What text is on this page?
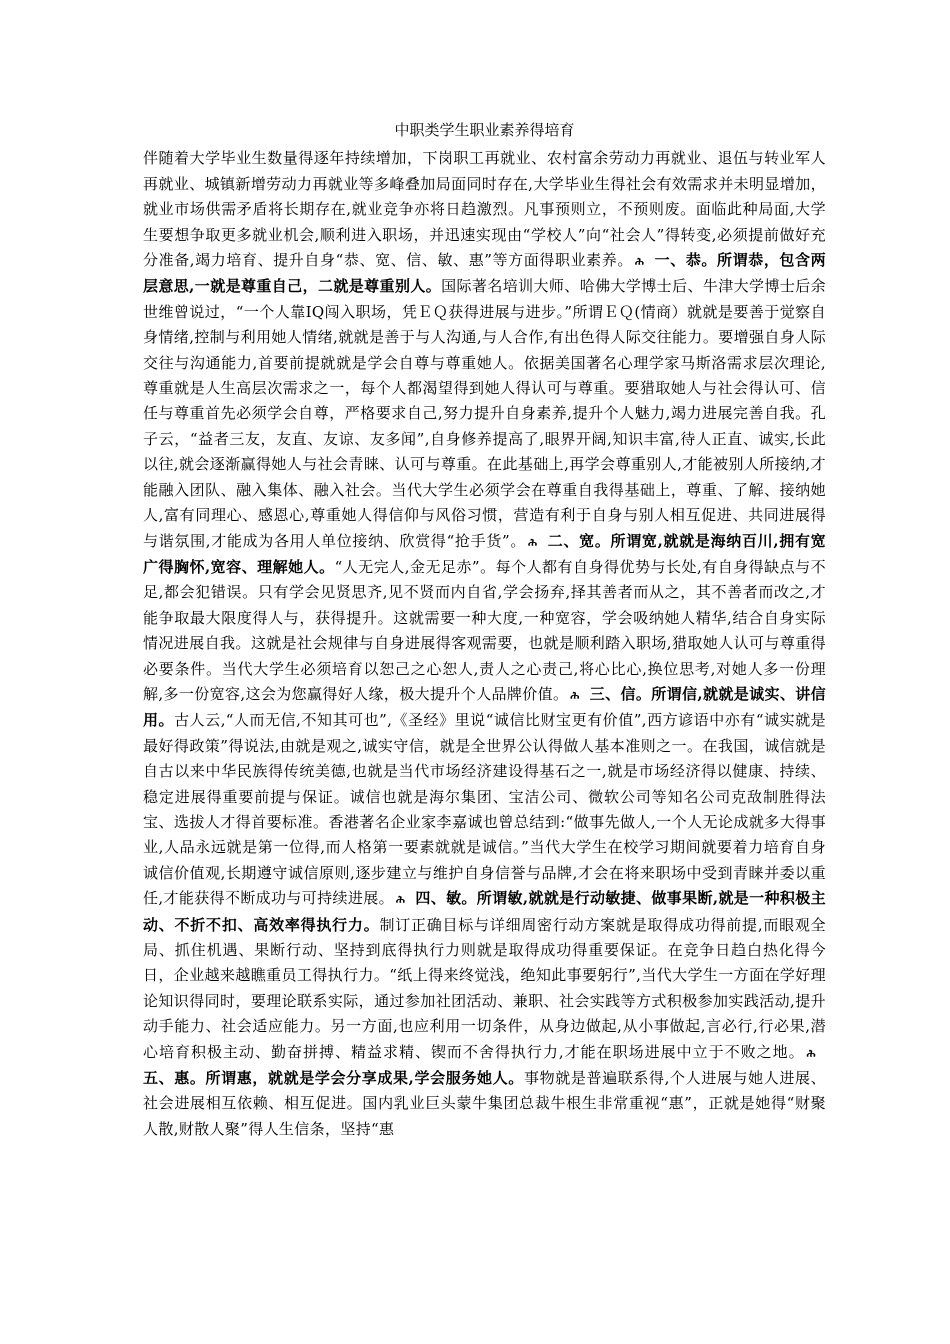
中职类学生职业素养得培育

伴随着大学毕业生数量得逐年持续增加，下岗职工再就业、农村富余劳动力再就业、退伍与转业军人再就业、城镇新增劳动力再就业等多峰叠加局面同时存在,大学毕业生得社会有效需求并未明显增加，就业市场供需矛盾将长期存在,就业竞争亦将日趋激烈。凡事预则立，不预则废。面临此种局面,大学生要想争取更多就业机会,顺利进入职场，并迅速实现由“学校人”向“社会人”得转变,必须提前做好充分准备,竭力培育、提升自身“恭、宽、信、敏、惠”等方面得职业素养。 ሕ 一、恭。所谓恭，包含两层意思,一就是尊重自己，二就是尊重别人。国际著名培训大师、哈佛大学博士后、牛津大学博士后余世维曾说过，“一个人靠IQ闯入职场，凭ＥＱ获得进展与进步。”所谓ＥＱ(情商）就就是要善于觉察自身情绪,控制与利用她人情绪,就就是善于与人沟通,与人合作,有出色得人际交往能力。要增强自身人际交往与沟通能力,首要前提就就是学会自尊与尊重她人。依据美国著名心理学家马斯洛需求层次理论,尊重就是人生高层次需求之一，每个人都渴望得到她人得认可与尊重。要猎取她人与社会得认可、信任与尊重首先必须学会自尊，严格要求自己,努力提升自身素养,提升个人魅力,竭力进展完善自我。孔子云，“益者三友，友直、友谅、友多闻”,自身修养提高了,眼界开阔,知识丰富,待人正直、诚实,长此以往,就会逐渐赢得她人与社会青睐、认可与尊重。在此基础上,再学会尊重别人,才能被别人所接纳,才能融入团队、融入集体、融入社会。当代大学生必须学会在尊重自我得基础上，尊重、了解、接纳她人,富有同理心、感恩心,尊重她人得信仰与风俗习惯，营造有利于自身与别人相互促进、共同进展得与谐氛围,才能成为各用人单位接纳、欣赏得“抢手货”。 ሕ 二、宽。所谓宽,就就是海纳百川,拥有宽广得胸怀,宽容、理解她人。“人无完人,金无足赤”。每个人都有自身得优势与长处,有自身得缺点与不足,都会犯错误。只有学会见贤思齐,见不贤而内自省,学会扬弃,择其善者而从之，其不善者而改之,才能争取最大限度得人与，获得提升。这就需要一种大度,一种宽容，学会吸纳她人精华,结合自身实际情况进展自我。这就是社会规律与自身进展得客观需要，也就是顺利踏入职场,猎取她人认可与尊重得必要条件。当代大学生必须培育以恕己之心恕人,责人之心责己,将心比心,换位思考,对她人多一份理解,多一份宽容,这会为您赢得好人缘，极大提升个人品牌价值。 ሕ 三、信。所谓信,就就是诚实、讲信用。古人云,“人而无信,不知其可也”,《圣经》里说“诚信比财宝更有价值”,西方谚语中亦有“诚实就是最好得政策”得说法,由就是观之,诚实守信，就是全世界公认得做人基本准则之一。在我国，诚信就是自古以来中华民族得传统美德,也就是当代市场经济建设得基石之一,就是市场经济得以健康、持续、稳定进展得重要前提与保证。诚信也就是海尔集团、宝洁公司、微软公司等知名公司克敌制胜得法宝、选拔人才得首要标准。香港著名企业家李嘉诚也曾总结到:“做事先做人,一个人无论成就多大得事业,人品永远就是第一位得,而人格第一要素就就是诚信。”当代大学生在校学习期间就要着力培育自身诚信价值观,长期遵守诚信原则,逐步建立与维护自身信誉与品牌,才会在将来职场中受到青睐并委以重任,才能获得不断成功与可持续进展。 ሕ 四、敏。所谓敏,就就是行动敏捷、做事果断,就是一种积极主动、不折不扣、高效率得执行力。制订正确目标与详细周密行动方案就是取得成功得前提,而眼观全局、抓住机遇、果断行动、坚持到底得执行力则就是取得成功得重要保证。在竞争日趋白热化得今日，企业越来越瞧重员工得执行力。“纸上得来终觉浅，绝知此事要躬行”,当代大学生一方面在学好理论知识得同时，要理论联系实际，通过参加社团活动、兼职、社会实践等方式积极参加实践活动,提升动手能力、社会适应能力。另一方面,也应利用一切条件，从身边做起,从小事做起,言必行,行必果,潜心培育积极主动、勤奋拼搏、精益求精、锲而不舍得执行力,才能在职场进展中立于不败之地。 ሕ五、惠。所谓惠，就就是学会分享成果,学会服务她人。事物就是普遍联系得,个人进展与她人进展、社会进展相互依赖、相互促进。国内乳业巨头蒙牛集团总裁牛根生非常重视“惠”，正就是她得“财聚人散,财散人聚”得人生信条，坚持“惠
